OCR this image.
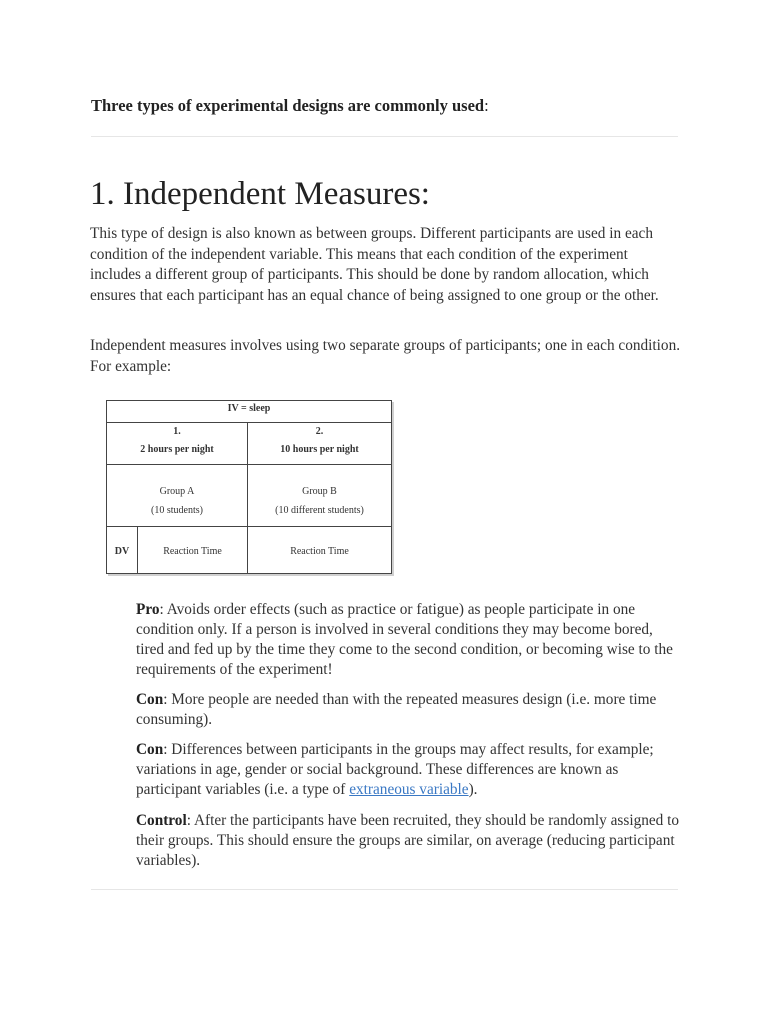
Three types of experimental designs are commonly used:

1. Independent Measures:

This type of design is also known as between groups. Different participants are used in each condition of the independent variable. This means that each condition of the experiment includes a different group of participants. This should be done by random allocation, which ensures that each participant has an equal chance of being assigned to one group or the other.

Independent measures involves using two separate groups of participants; one in each condition. For example:

IV = sleep
1.
2 hours per night
2.
10 hours per night
Group A
(10 students)
Group B
(10 different students)
DV	Reaction Time	Reaction Time

Pro: Avoids order effects (such as practice or fatigue) as people participate in one condition only. If a person is involved in several conditions they may become bored, tired and fed up by the time they come to the second condition, or becoming wise to the requirements of the experiment!

Con: More people are needed than with the repeated measures design (i.e. more time consuming).

Con: Differences between participants in the groups may affect results, for example; variations in age, gender or social background. These differences are known as participant variables (i.e. a type of extraneous variable).

Control: After the participants have been recruited, they should be randomly assigned to their groups. This should ensure the groups are similar, on average (reducing participant variables).
